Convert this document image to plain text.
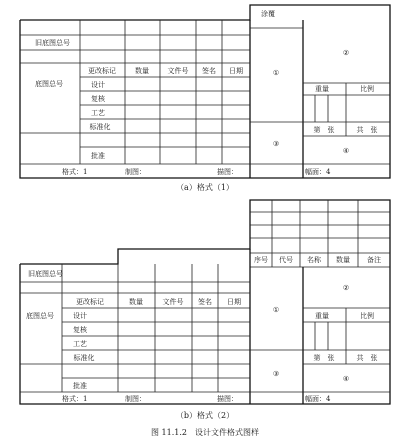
涂覆
旧底图总号
底图总号
更改标记	数量	文件号 签名 日期
设计
复核
工艺
标准化
批准
①
②
③
④
重量	比例
第　张	共　张
格式：1	制图：	描图：	幅面：4
（a）格式（1）
序号 代号 名称 数量 备注
旧底图总号
底图总号
更改标记	数量	文件号 签名 日期
设计
复核
工艺
标准化
批准
①
②
③
④
重量	比例
第　张	共　张
格式：1	制图：	描图：	幅面：4
（b）格式（2）
图 11.1.2　设计文件格式图样
